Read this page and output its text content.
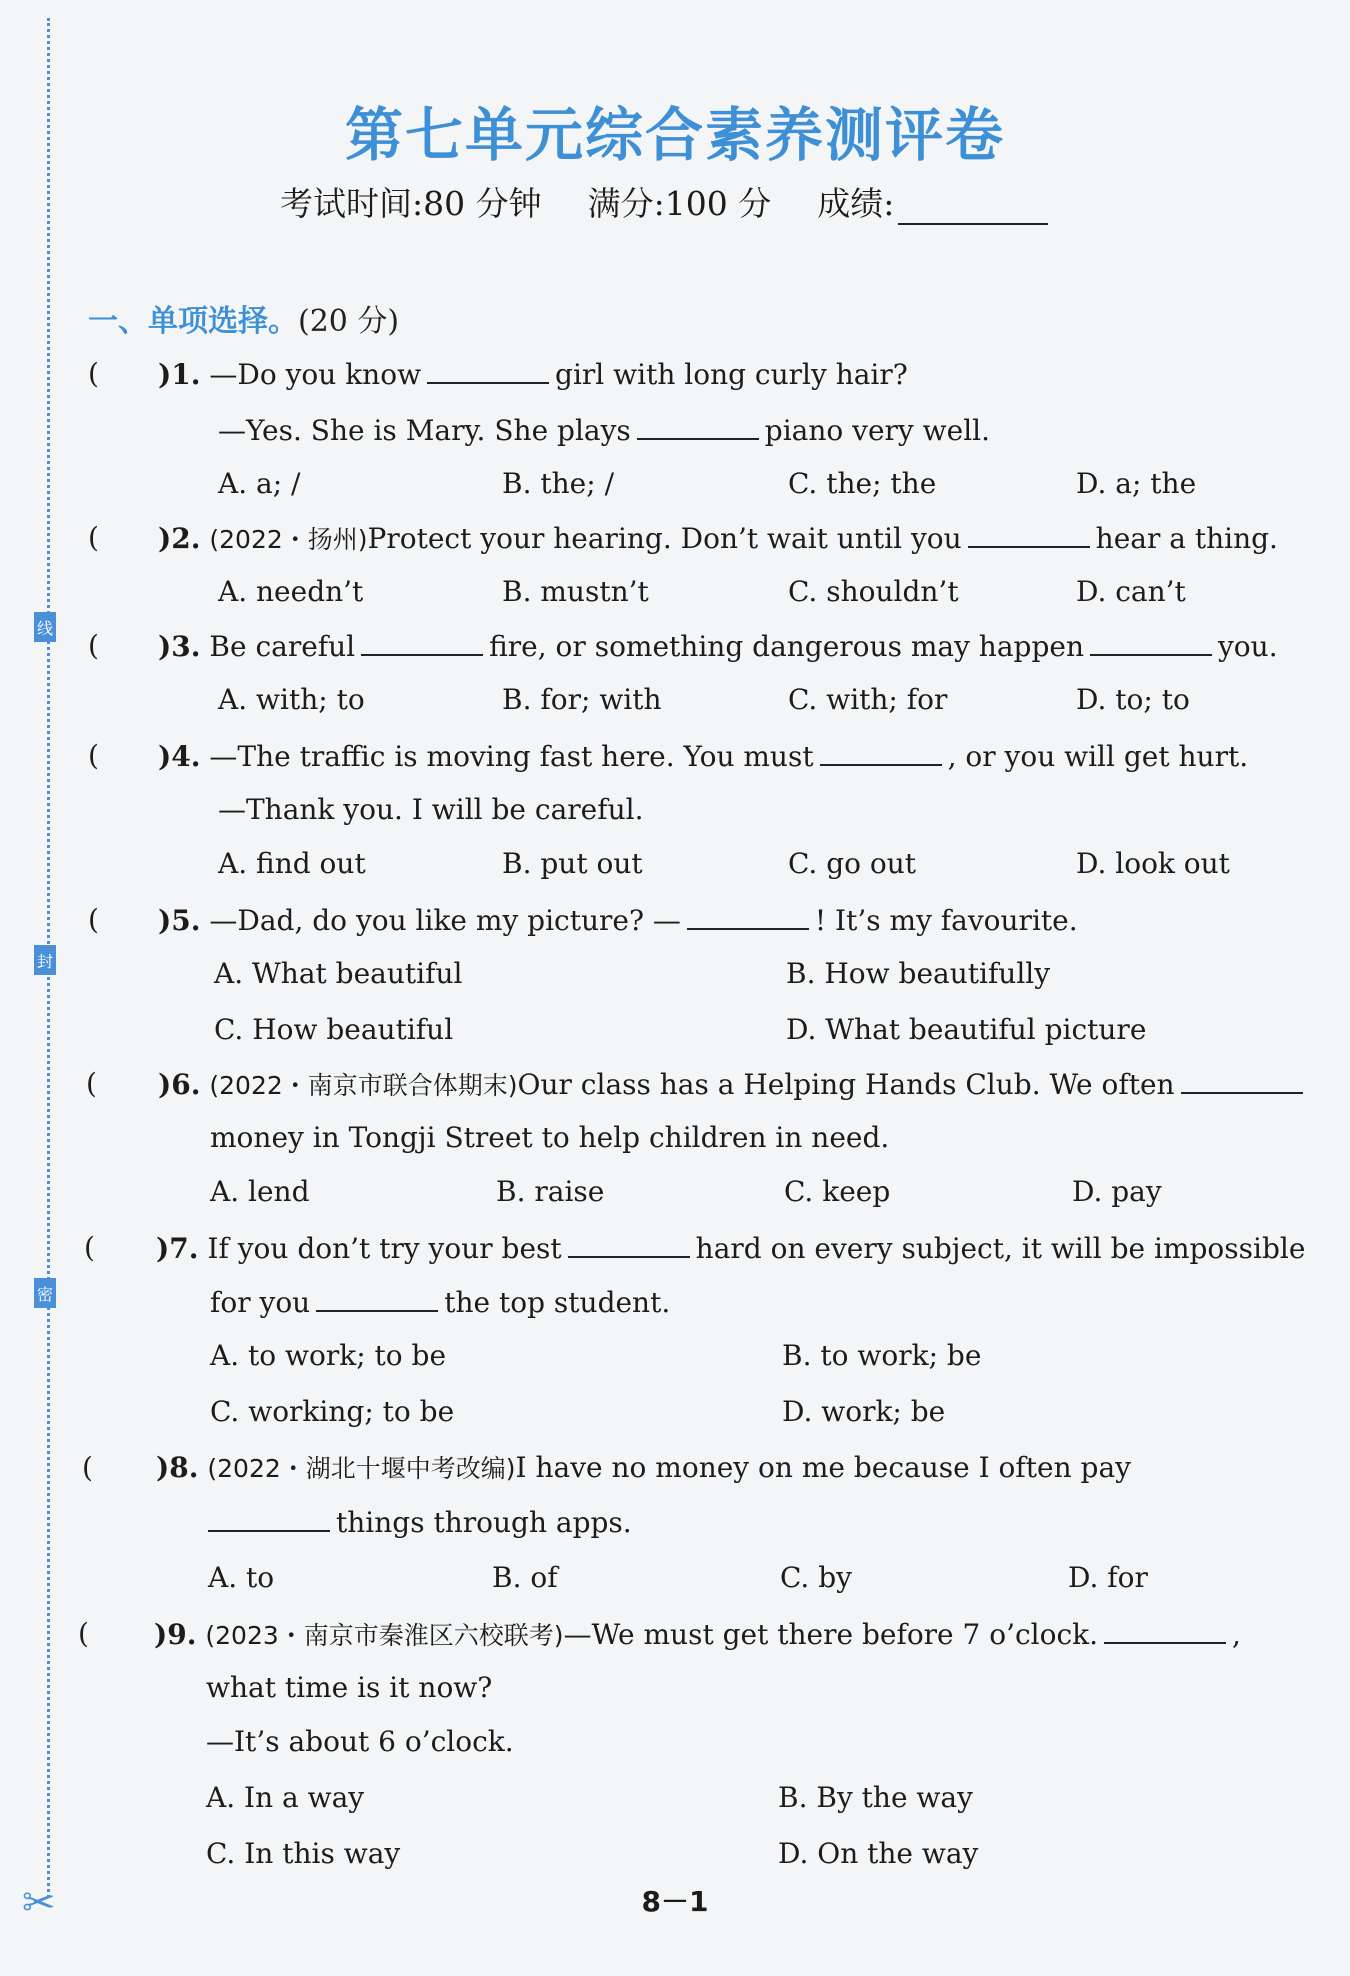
线
封
密
✂
第七单元综合素养测评卷
考试时间:80 分钟 满分:100 分 成绩:
一、单项选择。(20 分)
( )1. —Do you know	girl with long curly hair?
—Yes. She is Mary. She plays	piano very well.
A. a; /	B. the; /	C. the; the	D. a; the
( )2. (2022・扬州)Protect your hearing. Don’t wait until you	hear a thing.
A. needn’t	B. mustn’t	C. shouldn’t	D. can’t
( )3. Be careful	fire, or something dangerous may happen	you.
A. with; to	B. for; with	C. with; for	D. to; to
( )4. —The traffic is moving fast here. You must	, or you will get hurt.
—Thank you. I will be careful.
A. find out	B. put out	C. go out	D. look out
( )5. —Dad, do you like my picture? —	! It’s my favourite.
A. What beautiful	B. How beautifully
C. How beautiful	D. What beautiful picture
( )6. (2022・南京市联合体期末)Our class has a Helping Hands Club. We often
money in Tongji Street to help children in need.
A. lend	B. raise	C. keep	D. pay
( )7. If you don’t try your best	hard on every subject, it will be impossible
for you	the top student.
A. to work; to be	B. to work; be
C. working; to be	D. work; be
( )8. (2022・湖北十堰中考改编)I have no money on me because I often pay
things through apps.
A. to	B. of	C. by	D. for
( )9. (2023・南京市秦淮区六校联考)—We must get there before 7 o’clock.	,
what time is it now?
—It’s about 6 o’clock.
A. In a way	B. By the way
C. In this way	D. On the way
8－1
